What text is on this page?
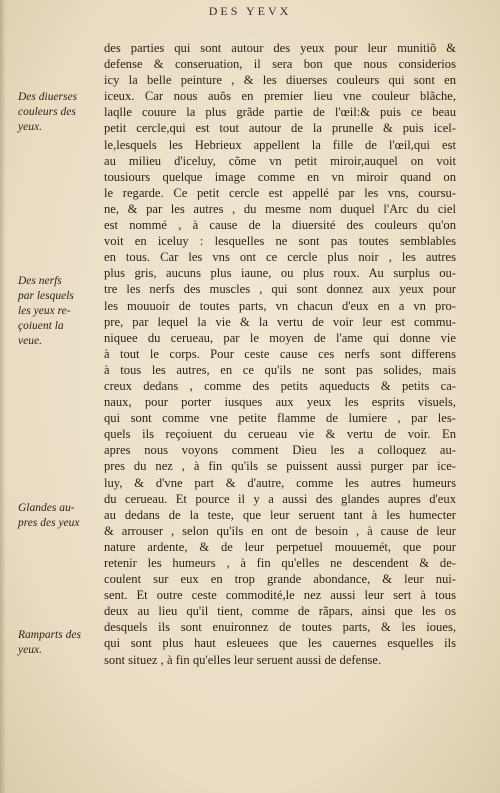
DES YEVX
Des diuerses
couleurs des
yeux.
Des nerfs
par lesquels
les yeux re-
çoiuent la
veue.
Glandes au-
pres des yeux
Ramparts des
yeux.
des parties qui sont autour des yeux pour leur munitiõ &
defense & conseruation, il sera bon que nous considerios
icy la belle peinture , & les diuerses couleurs qui sont en
iceux. Car nous auõs en premier lieu vne couleur blãche,
laqlle couure la plus grãde partie de l'œil:& puis ce beau
petit cercle,qui est tout autour de la prunelle & puis icel-
le,lesquels les Hebrieux appellent la fille de l'œil,qui est
au milieu d'iceluy, cõme vn petit miroir,auquel on voit
tousiours quelque image comme en vn miroir quand on
le regarde. Ce petit cercle est appellé par les vns, coursu-
ne, & par les autres , du mesme nom duquel l'Arc du ciel
est nommé , à cause de la diuersité des couleurs qu'on
voit en iceluy : lesquelles ne sont pas toutes semblables
en tous. Car les vns ont ce cercle plus noir , les autres
plus gris, aucuns plus iaune, ou plus roux. Au surplus ou-
tre les nerfs des muscles , qui sont donnez aux yeux pour
les mouuoir de toutes parts, vn chacun d'eux en a vn pro-
pre, par lequel la vie & la vertu de voir leur est commu-
niquee du cerueau, par le moyen de l'ame qui donne vie
à tout le corps. Pour ceste cause ces nerfs sont differens
à tous les autres, en ce qu'ils ne sont pas solides, mais
creux dedans , comme des petits aqueducts & petits ca-
naux, pour porter iusques aux yeux les esprits visuels,
qui sont comme vne petite flamme de lumiere , par les-
quels ils reçoiuent du cerueau vie & vertu de voir. En
apres nous voyons comment Dieu les a colloquez au-
pres du nez , à fin qu'ils se puissent aussi purger par ice-
luy, & d'vne part & d'autre, comme les autres humeurs
du cerueau. Et pource il y a aussi des glandes aupres d'eux
au dedans de la teste, que leur seruent tant à les humecter
& arrouser , selon qu'ils en ont de besoin , à cause de leur
nature ardente, & de leur perpetuel mouuemét, que pour
retenir les humeurs , à fin qu'elles ne descendent & de-
coulent sur eux en trop grande abondance, & leur nui-
sent. Et outre ceste commodité,le nez aussi leur sert à tous
deux au lieu qu'il tient, comme de rãpars, ainsi que les os
desquels ils sont enuironnez de toutes parts, & les ioues,
qui sont plus haut esleuees que les cauernes esquelles ils
sont situez , à fin qu'elles leur seruent aussi de defense.
